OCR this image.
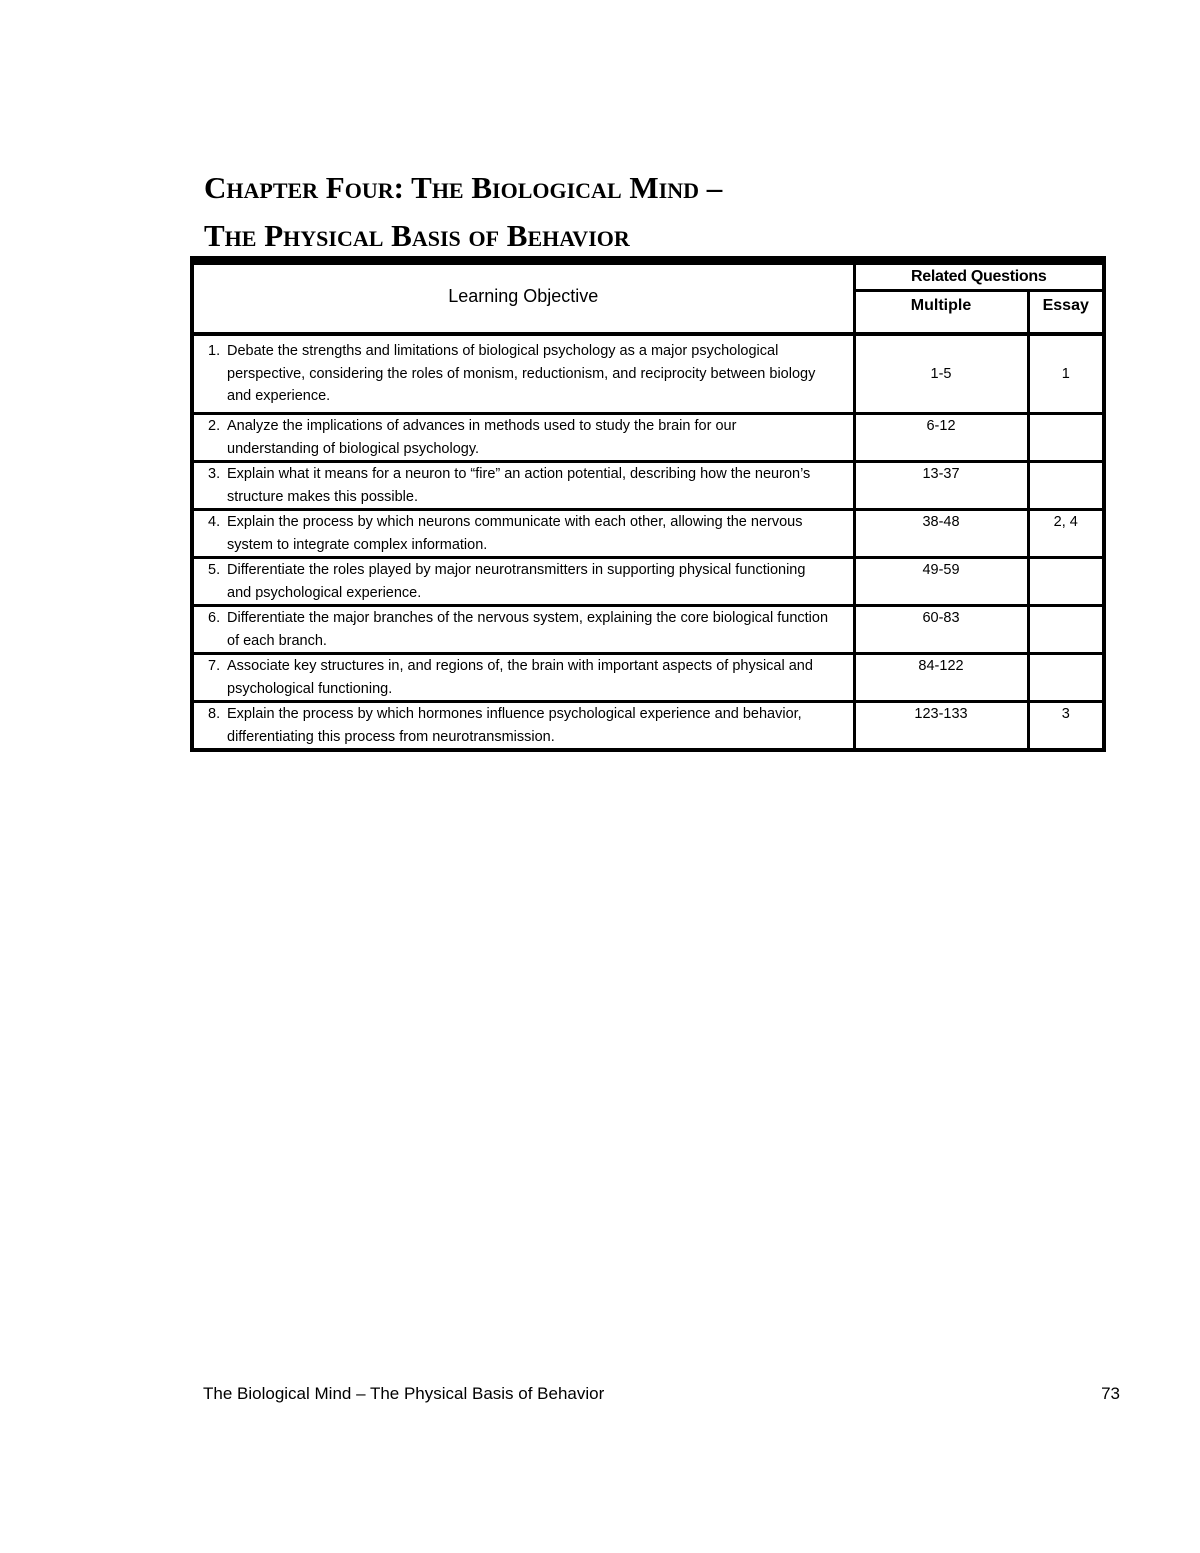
Chapter Four: The Biological Mind –
The Physical Basis of Behavior
Learning Objective	Related Questions	
	Multiple	Essay

1. Debate the strengths and limitations of biological psychology as a major psychological perspective, considering the roles of monism, reductionism, and reciprocity between biology and experience.	1-5	1

2. Analyze the implications of advances in methods used to study the brain for our understanding of biological psychology.	6-12	

3. Explain what it means for a neuron to “fire” an action potential, describing how the neuron’s structure makes this possible.	13-37	

4. Explain the process by which neurons communicate with each other, allowing the nervous system to integrate complex information.	38-48	2, 4

5. Differentiate the roles played by major neurotransmitters in supporting physical functioning and psychological experience.	49-59	

6. Differentiate the major branches of the nervous system, explaining the core biological function of each branch.	60-83	

7. Associate key structures in, and regions of, the brain with important aspects of physical and psychological functioning.	84-122	

8. Explain the process by which hormones influence psychological experience and behavior, differentiating this process from neurotransmission.	123-133	3
The Biological Mind – The Physical Basis of Behavior	73
